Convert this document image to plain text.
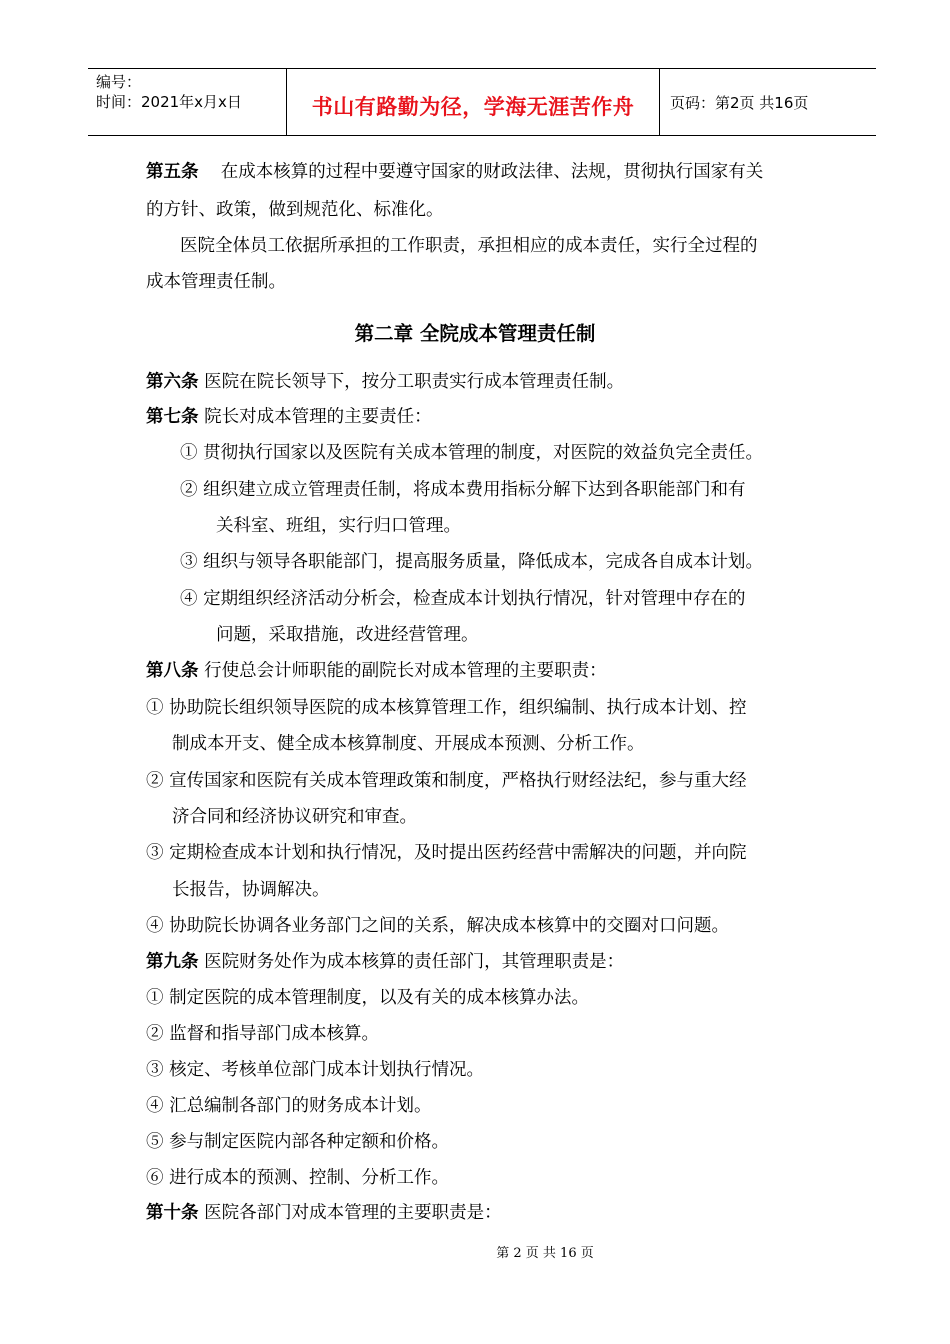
编号：
时间：2021年x月x日	书山有路勤为径，学海无涯苦作舟 页码：第2页 共16页
第五条 在成本核算的过程中要遵守国家的财政法律、法规，贯彻执行国家有关
的方针、政策，做到规范化、标准化。
医院全体员工依据所承担的工作职责，承担相应的成本责任，实行全过程的
成本管理责任制。
第二章 全院成本管理责任制
第六条 医院在院长领导下，按分工职责实行成本管理责任制。
第七条 院长对成本管理的主要责任：
① 贯彻执行国家以及医院有关成本管理的制度，对医院的效益负完全责任。
② 组织建立成立管理责任制，将成本费用指标分解下达到各职能部门和有
关科室、班组，实行归口管理。
③ 组织与领导各职能部门，提高服务质量，降低成本，完成各自成本计划。
④ 定期组织经济活动分析会，检查成本计划执行情况，针对管理中存在的
问题，采取措施，改进经营管理。
第八条 行使总会计师职能的副院长对成本管理的主要职责：
① 协助院长组织领导医院的成本核算管理工作，组织编制、执行成本计划、控
制成本开支、健全成本核算制度、开展成本预测、分析工作。
② 宣传国家和医院有关成本管理政策和制度，严格执行财经法纪，参与重大经
济合同和经济协议研究和审查。
③ 定期检查成本计划和执行情况，及时提出医药经营中需解决的问题，并向院
长报告，协调解决。
④ 协助院长协调各业务部门之间的关系，解决成本核算中的交圈对口问题。
第九条 医院财务处作为成本核算的责任部门，其管理职责是：
① 制定医院的成本管理制度，以及有关的成本核算办法。
② 监督和指导部门成本核算。
③ 核定、考核单位部门成本计划执行情况。
④ 汇总编制各部门的财务成本计划。
⑤ 参与制定医院内部各种定额和价格。
⑥ 进行成本的预测、控制、分析工作。
第十条 医院各部门对成本管理的主要职责是：
第 2 页 共 16 页
